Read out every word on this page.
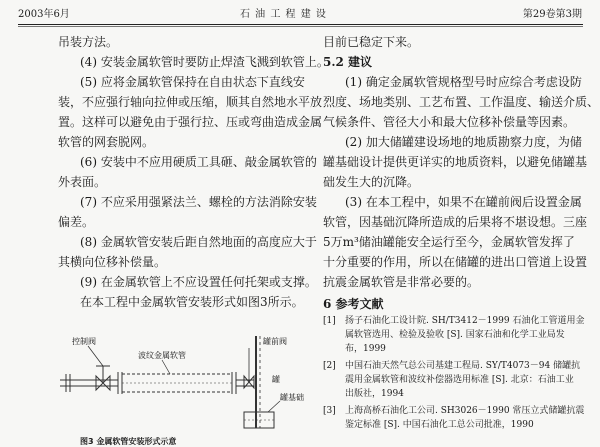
2003年6月	石 油 工 程 建 设	第29卷第3期

吊装方法。

(4) 安装金属软管时要防止焊渣飞溅到软管上。

(5) 应将金属软管保持在自由状态下直线安

装，不应强行轴向拉伸或压缩，顺其自然地水平放

置。这样可以避免由于强行拉、压或弯曲造成金属

软管的网套脱网。

(6) 安装中不应用硬质工具砸、敲金属软管的

外表面。

(7) 不应采用强紧法兰、螺栓的方法消除安装

偏差。

(8) 金属软管安装后距自然地面的高度应大于

其横向位移补偿量。

(9) 在金属软管上不应设置任何托架或支撑。

在本工程中金属软管安装形式如图3所示。

控制阀
波纹金属软管
罐前阀
罐
罐基础
图3 金属软管安装形式示意

目前已稳定下来。

5.2 建议

(1) 确定金属软管规格型号时应综合考虑设防

烈度、场地类别、工艺布置、工作温度、输送介质、

气候条件、管径大小和最大位移补偿量等因素。

(2) 加大储罐建设场地的地质勘察力度，为储

罐基础设计提供更详实的地质资料，以避免储罐基

础发生大的沉降。

(3) 在本工程中，如果不在罐前阀后设置金属

软管，因基础沉降所造成的后果将不堪设想。三座

5万m³储油罐能安全运行至今，金属软管发挥了

十分重要的作用，所以在储罐的进出口管道上设置

抗震金属软管是非常必要的。

6 参考文献

[1] 扬子石油化工设计院. SH/T3412－1999 石油化工管道用金
属软管选用、检验及验收 [S]. 国家石油和化学工业局发
布，1999
[2] 中国石油天然气总公司基建工程局. SY/T4073－94 储罐抗
震用金属软管和波纹补偿器选用标准 [S]. 北京：石油工业
出版社，1994
[3] 上海高桥石油化工公司. SH3026－1990 常压立式储罐抗震
鉴定标准 [S]. 中国石油化工总公司批准，1990
